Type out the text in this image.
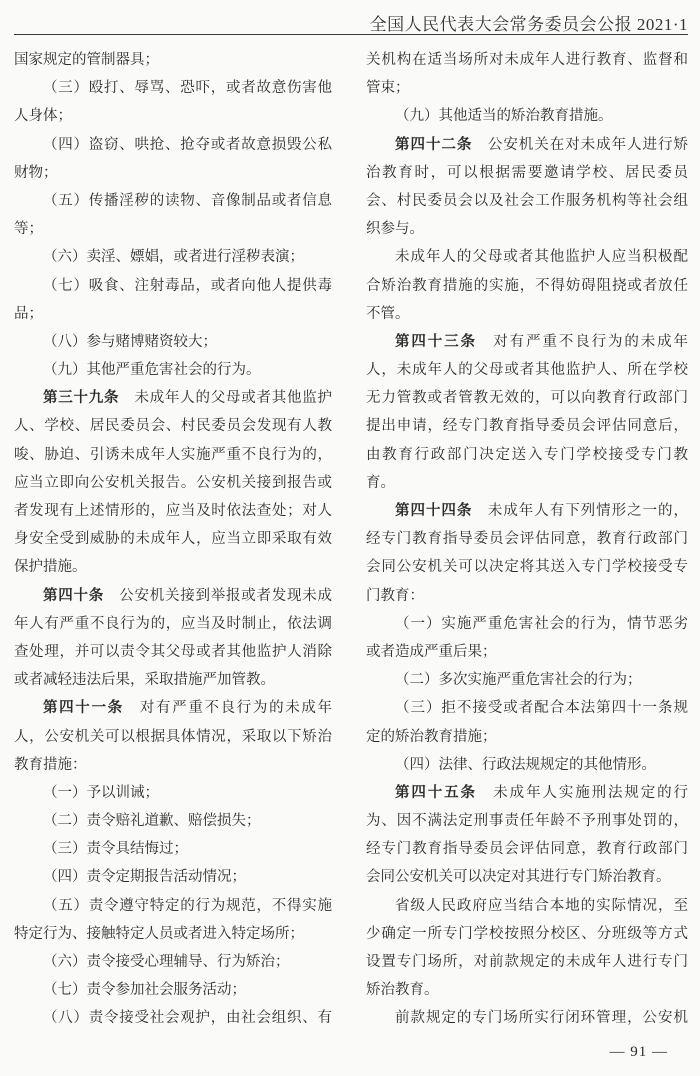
全国人民代表大会常务委员会公报 2021·1
国家规定的管制器具；
（三）殴打、辱骂、恐吓，或者故意伤害他
人身体；
（四）盗窃、哄抢、抢夺或者故意损毁公私
财物；
（五）传播淫秽的读物、音像制品或者信息
等；
（六）卖淫、嫖娼，或者进行淫秽表演；
（七）吸食、注射毒品，或者向他人提供毒
品；
（八）参与赌博赌资较大；
（九）其他严重危害社会的行为。
第三十九条　未成年人的父母或者其他监护
人、学校、居民委员会、村民委员会发现有人教
唆、胁迫、引诱未成年人实施严重不良行为的，
应当立即向公安机关报告。公安机关接到报告或
者发现有上述情形的，应当及时依法查处；对人
身安全受到威胁的未成年人，应当立即采取有效
保护措施。
第四十条　公安机关接到举报或者发现未成
年人有严重不良行为的，应当及时制止，依法调
查处理，并可以责令其父母或者其他监护人消除
或者减轻违法后果，采取措施严加管教。
第四十一条　对有严重不良行为的未成年
人，公安机关可以根据具体情况，采取以下矫治
教育措施：
（一）予以训诫；
（二）责令赔礼道歉、赔偿损失；
（三）责令具结悔过；
（四）责令定期报告活动情况；
（五）责令遵守特定的行为规范，不得实施
特定行为、接触特定人员或者进入特定场所；
（六）责令接受心理辅导、行为矫治；
（七）责令参加社会服务活动；
（八）责令接受社会观护，由社会组织、有
关机构在适当场所对未成年人进行教育、监督和
管束；
（九）其他适当的矫治教育措施。
第四十二条　公安机关在对未成年人进行矫
治教育时，可以根据需要邀请学校、居民委员
会、村民委员会以及社会工作服务机构等社会组
织参与。
未成年人的父母或者其他监护人应当积极配
合矫治教育措施的实施，不得妨碍阻挠或者放任
不管。
第四十三条　对有严重不良行为的未成年
人，未成年人的父母或者其他监护人、所在学校
无力管教或者管教无效的，可以向教育行政部门
提出申请，经专门教育指导委员会评估同意后，
由教育行政部门决定送入专门学校接受专门教
育。
第四十四条　未成年人有下列情形之一的，
经专门教育指导委员会评估同意，教育行政部门
会同公安机关可以决定将其送入专门学校接受专
门教育：
（一）实施严重危害社会的行为，情节恶劣
或者造成严重后果；
（二）多次实施严重危害社会的行为；
（三）拒不接受或者配合本法第四十一条规
定的矫治教育措施；
（四）法律、行政法规规定的其他情形。
第四十五条　未成年人实施刑法规定的行
为、因不满法定刑事责任年龄不予刑事处罚的，
经专门教育指导委员会评估同意，教育行政部门
会同公安机关可以决定对其进行专门矫治教育。
省级人民政府应当结合本地的实际情况，至
少确定一所专门学校按照分校区、分班级等方式
设置专门场所，对前款规定的未成年人进行专门
矫治教育。
前款规定的专门场所实行闭环管理，公安机
— 91 —
